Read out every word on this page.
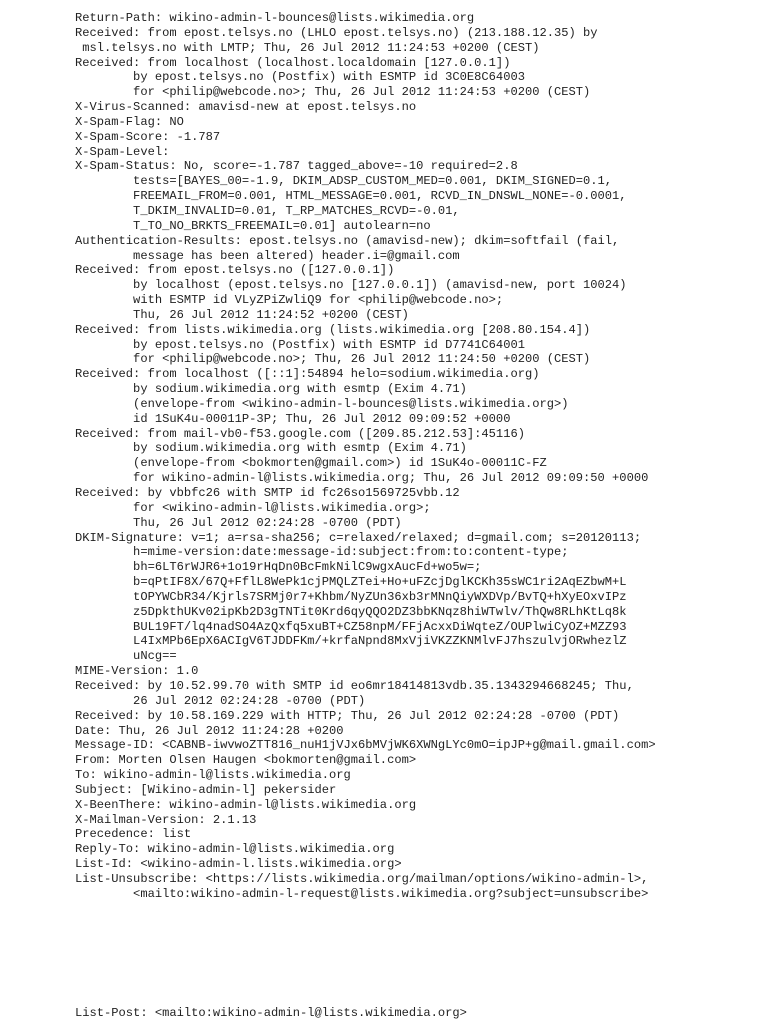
Return-Path: wikino-admin-l-bounces@lists.wikimedia.org
Received: from epost.telsys.no (LHLO epost.telsys.no) (213.188.12.35) by
msl.telsys.no with LMTP; Thu, 26 Jul 2012 11:24:53 +0200 (CEST)
Received: from localhost (localhost.localdomain [127.0.0.1])
by epost.telsys.no (Postfix) with ESMTP id 3C0E8C64003
for <philip@webcode.no>; Thu, 26 Jul 2012 11:24:53 +0200 (CEST)
X-Virus-Scanned: amavisd-new at epost.telsys.no
X-Spam-Flag: NO
X-Spam-Score: -1.787
X-Spam-Level:
X-Spam-Status: No, score=-1.787 tagged_above=-10 required=2.8
tests=[BAYES_00=-1.9, DKIM_ADSP_CUSTOM_MED=0.001, DKIM_SIGNED=0.1,
FREEMAIL_FROM=0.001, HTML_MESSAGE=0.001, RCVD_IN_DNSWL_NONE=-0.0001,
T_DKIM_INVALID=0.01, T_RP_MATCHES_RCVD=-0.01,
T_TO_NO_BRKTS_FREEMAIL=0.01] autolearn=no
Authentication-Results: epost.telsys.no (amavisd-new); dkim=softfail (fail,
message has been altered) header.i=@gmail.com
Received: from epost.telsys.no ([127.0.0.1])
by localhost (epost.telsys.no [127.0.0.1]) (amavisd-new, port 10024)
with ESMTP id VLyZPiZwliQ9 for <philip@webcode.no>;
Thu, 26 Jul 2012 11:24:52 +0200 (CEST)
Received: from lists.wikimedia.org (lists.wikimedia.org [208.80.154.4])
by epost.telsys.no (Postfix) with ESMTP id D7741C64001
for <philip@webcode.no>; Thu, 26 Jul 2012 11:24:50 +0200 (CEST)
Received: from localhost ([::1]:54894 helo=sodium.wikimedia.org)
by sodium.wikimedia.org with esmtp (Exim 4.71)
(envelope-from <wikino-admin-l-bounces@lists.wikimedia.org>)
id 1SuK4u-00011P-3P; Thu, 26 Jul 2012 09:09:52 +0000
Received: from mail-vb0-f53.google.com ([209.85.212.53]:45116)
by sodium.wikimedia.org with esmtp (Exim 4.71)
(envelope-from <bokmorten@gmail.com>) id 1SuK4o-00011C-FZ
for wikino-admin-l@lists.wikimedia.org; Thu, 26 Jul 2012 09:09:50 +0000
Received: by vbbfc26 with SMTP id fc26so1569725vbb.12
for <wikino-admin-l@lists.wikimedia.org>;
Thu, 26 Jul 2012 02:24:28 -0700 (PDT)
DKIM-Signature: v=1; a=rsa-sha256; c=relaxed/relaxed; d=gmail.com; s=20120113;
h=mime-version:date:message-id:subject:from:to:content-type;
bh=6LT6rWJR6+1o19rHqDn0BcFmkNilC9wgxAucFd+wo5w=;
b=qPtIF8X/67Q+FflL8WePk1cjPMQLZTei+Ho+uFZcjDglKCKh35sWC1ri2AqEZbwM+L
tOPYWCbR34/Kjrls7SRMj0r7+Khbm/NyZUn36xb3rMNnQiyWXDVp/BvTQ+hXyEOxvIPz
z5DpkthUKv02ipKb2D3gTNTit0Krd6qyQQO2DZ3bbKNqz8hiWTwlv/ThQw8RLhKtLq8k
BUL19FT/lq4nadSO4AzQxfq5xuBT+CZ58npM/FFjAcxxDiWqteZ/OUPlwiCyOZ+MZZ93
L4IxMPb6EpX6ACIgV6TJDDFKm/+krfaNpnd8MxVjiVKZZKNMlvFJ7hszulvjORwhezlZ
uNcg==
MIME-Version: 1.0
Received: by 10.52.99.70 with SMTP id eo6mr18414813vdb.35.1343294668245; Thu,
26 Jul 2012 02:24:28 -0700 (PDT)
Received: by 10.58.169.229 with HTTP; Thu, 26 Jul 2012 02:24:28 -0700 (PDT)
Date: Thu, 26 Jul 2012 11:24:28 +0200
Message-ID: <CABNB-iwvwoZTT816_nuH1jVJx6bMVjWK6XWNgLYc0mO=ipJP+g@mail.gmail.com>
From: Morten Olsen Haugen <bokmorten@gmail.com>
To: wikino-admin-l@lists.wikimedia.org
Subject: [Wikino-admin-l] pekersider
X-BeenThere: wikino-admin-l@lists.wikimedia.org
X-Mailman-Version: 2.1.13
Precedence: list
Reply-To: wikino-admin-l@lists.wikimedia.org
List-Id: <wikino-admin-l.lists.wikimedia.org>
List-Unsubscribe: <https://lists.wikimedia.org/mailman/options/wikino-admin-l>,
<mailto:wikino-admin-l-request@lists.wikimedia.org?subject=unsubscribe>
List-Post: <mailto:wikino-admin-l@lists.wikimedia.org>
